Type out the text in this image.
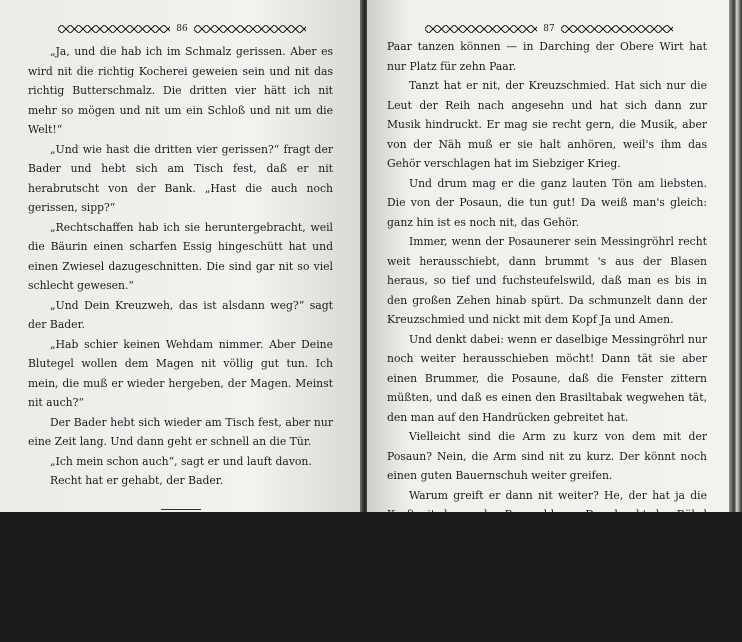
86

„Ja, und die hab ich im Schmalz gerissen. Aber es wird nit die richtig Kocherei geweien sein und nit das richtig Butterschmalz. Die dritten vier hätt ich nit mehr so mögen und nit um ein Schloß und nit um die Welt!“

„Und wie hast die dritten vier gerissen?“ fragt der Bader und hebt sich am Tisch fest, daß er nit herabrutscht von der Bank. „Hast die auch noch gerissen, sipp?“

„Rechtschaffen hab ich sie heruntergebracht, weil die Bäurin einen scharfen Essig hingeschütt hat und einen Zwiesel dazugeschnitten. Die sind gar nit so viel schlecht gewesen.“

„Und Dein Kreuzweh, das ist alsdann weg?“ sagt der Bader.

„Hab schier keinen Wehdam nimmer. Aber Deine Blutegel wollen dem Magen nit völlig gut tun. Ich mein, die muß er wieder hergeben, der Magen. Meinst nit auch?“

Der Bader hebt sich wieder am Tisch fest, aber nur eine Zeit lang. Und dann geht er schnell an die Tür.

„Ich mein schon auch“, sagt er und lauft davon.

Recht hat er gehabt, der Bader.

Vom Posaunenblasen

Wie er in Miesbach gewesen ist, der Kreuzschmied, beim großen Veteranenfest, da hat's ihn auch zum Bräu hineingerissen in den Tanzsaal. Der ist so groß, daß ihrer sechzig

87

Paar tanzen können — in Darching der Obere Wirt hat nur Platz für zehn Paar.

Tanzt hat er nit, der Kreuzschmied. Hat sich nur die Leut der Reih nach angesehn und hat sich dann zur Musik hindruckt. Er mag sie recht gern, die Musik, aber von der Näh muß er sie halt anhören, weil's ihm das Gehör verschlagen hat im Siebziger Krieg.

Und drum mag er die ganz lauten Tön am liebsten. Die von der Posaun, die tun gut! Da weiß man's gleich: ganz hin ist es noch nit, das Gehör.

Immer, wenn der Posaunerer sein Messingröhrl recht weit herausschiebt, dann brummt 's aus der Blasen heraus, so tief und fuchsteufelswild, daß man es bis in den großen Zehen hinab spürt. Da schmunzelt dann der Kreuzschmied und nickt mit dem Kopf Ja und Amen.

Und denkt dabei: wenn er daselbige Messingröhrl nur noch weiter herausschieben möcht! Dann tät sie aber einen Brummer, die Posaune, daß die Fenster zittern müßten, und daß es einen den Brasiltabak wegwehen tät, den man auf den Handrücken gebreitet hat.

Vielleicht sind die Arm zu kurz von dem mit der Posaun? Nein, die Arm sind nit zu kurz. Der könnt noch einen guten Bauernschuh weiter greifen.

Warum greift er dann nit weiter? He, der hat ja die Kraft nit derzu, der Posaunblaser. Der druckt das Röhrl ein bissel und dann treibt's ihm schon das ganze Backenzeug auf.
